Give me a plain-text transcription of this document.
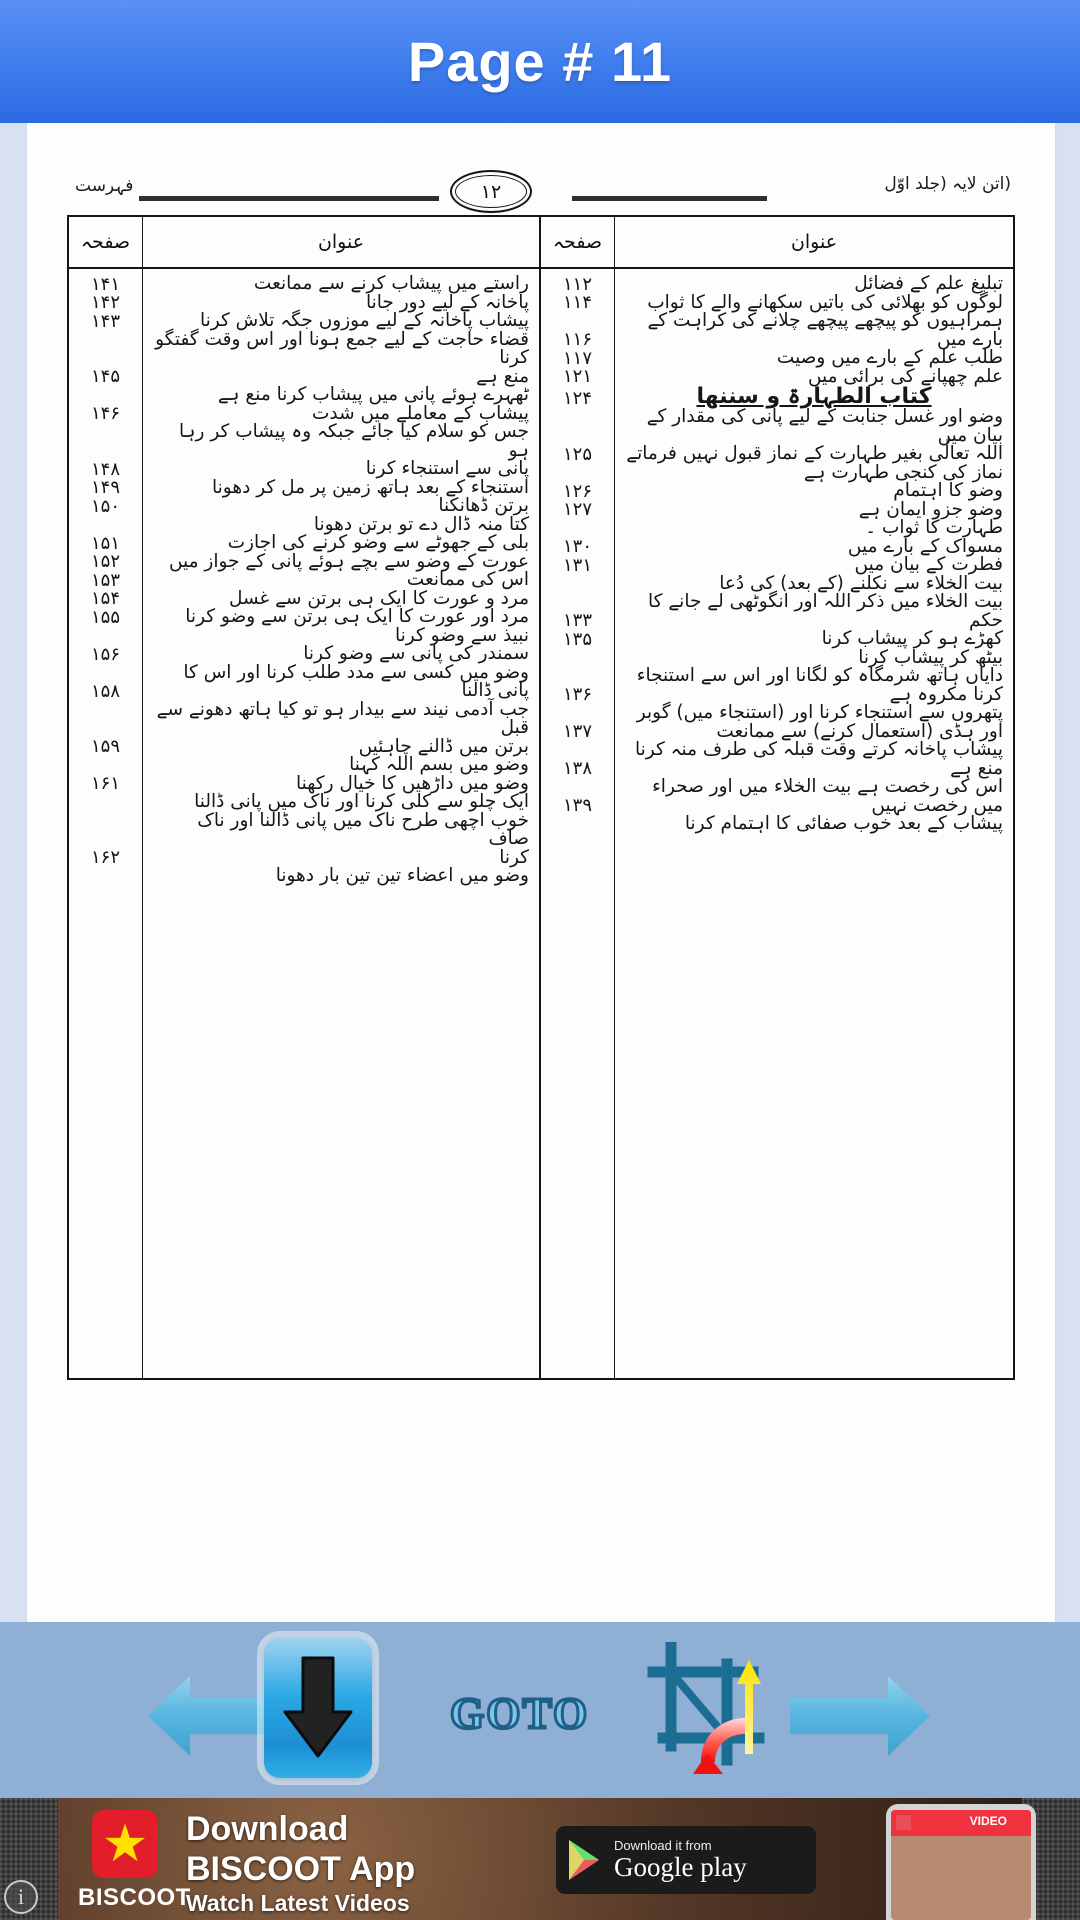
Page # 11
فہرست	۱۲	(اتن لایہ (جلد اوّل
صفحہ
۱۴۱
۱۴۲
۱۴۳
۱۴۵
۱۴۶
۱۴۸
۱۴۹
۱۵۰
۱۵۱
۱۵۲
۱۵۳
۱۵۴
۱۵۵
۱۵۶
۱۵۸
۱۵۹
۱۶۱
۱۶۲
عنوان
راستے میں پیشاب کرنے سے ممانعت
پاخانہ کے لیے دور جانا
پیشاب پاخانہ کے لیے موزوں جگہ تلاش کرنا
قضاء حاجت کے لیے جمع ہونا اور اس وقت گفتگو کرنا
منع ہے
ٹھہرے ہوئے پانی میں پیشاب کرنا منع ہے
پیشاب کے معاملے میں شدت
جس کو سلام کیا جائے جبکہ وہ پیشاب کر رہا ہو
پانی سے استنجاء کرنا
استنجاء کے بعد ہاتھ زمین پر مل کر دھونا
برتن ڈھانکنا
کتا منہ ڈال دے تو برتن دھونا
بلی کے جھوٹے سے وضو کرنے کی اجازت
عورت کے وضو سے بچے ہوئے پانی کے جواز میں
اس کی ممانعت
مرد و عورت کا ایک ہی برتن سے غسل
مرد اور عورت کا ایک ہی برتن سے وضو کرنا
نبیذ سے وضو کرنا
سمندر کی پانی سے وضو کرنا
وضو میں کسی سے مدد طلب کرنا اور اس کا پانی ڈالنا
جب آدمی نیند سے بیدار ہو تو کیا ہاتھ دھونے سے قبل
برتن میں ڈالنے چاہئیں
وضو میں بسم اللہ کہنا
وضو میں داڑھیں کا خیال رکھنا
ایک چلو سے کلی کرنا اور ناک میں پانی ڈالنا
خوب اچھی طرح ناک میں پانی ڈالنا اور ناک صاف
کرنا
وضو میں اعضاء تین تین بار دھونا
صفحہ
۱۱۲
۱۱۴
۱۱۶
۱۱۷
۱۲۱
۱۲۴
۱۲۵
۱۲۶
۱۲۷
۱۳۰
۱۳۱
۱۳۳
۱۳۵
۱۳۶
۱۳۷
۱۳۸
۱۳۹
عنوان
تبلیغ علم کے فضائل
لوگوں کو بھلائی کی باتیں سکھانے والے کا ثواب
ہمراہیوں کو پیچھے پیچھے چلانے کی کراہت کے بارے میں
طلب علم کے بارے میں وصیت
علم چھپانے کی برائی میں
کتاب الطہارۃ و سننھا
وضو اور غسل جنابت کے لیے پانی کی مقدار کے بیان میں
اللہ تعالٰی بغیر طہارت کے نماز قبول نہیں فرماتے
نماز کی کنجی طہارت ہے
وضو کا اہتمام
وضو جزو ایمان ہے
طہارت کا ثواب ۔
مسواک کے بارے میں
فطرت کے بیان میں
بیت الخلاء سے نکلنے (کے بعد) کی دُعا
بیت الخلاء میں ذکر اللہ اور انگوٹھی لے جانے کا حکم
کھڑے ہو کر پیشاب کرنا
بیٹھ کر پیشاب کرنا
دایاں ہاتھ شرمگاہ کو لگانا اور اس سے استنجاء کرنا مکروہ ہے
پتھروں سے استنجاء کرنا اور (استنجاء میں) گوبر اور ہڈی (استعمال کرنے) سے ممانعت
پیشاب پاخانہ کرتے وقت قبلہ کی طرف منہ کرنا منع ہے
اس کی رخصت ہے بیت الخلاء میں اور صحراء میں رخصت نہیں
پیشاب کے بعد خوب صفائی کا اہتمام کرنا
GOTO
i
★
BISCOOT
Download
BISCOOT App
Watch Latest Videos
Download it from
Google play
VIDEO
